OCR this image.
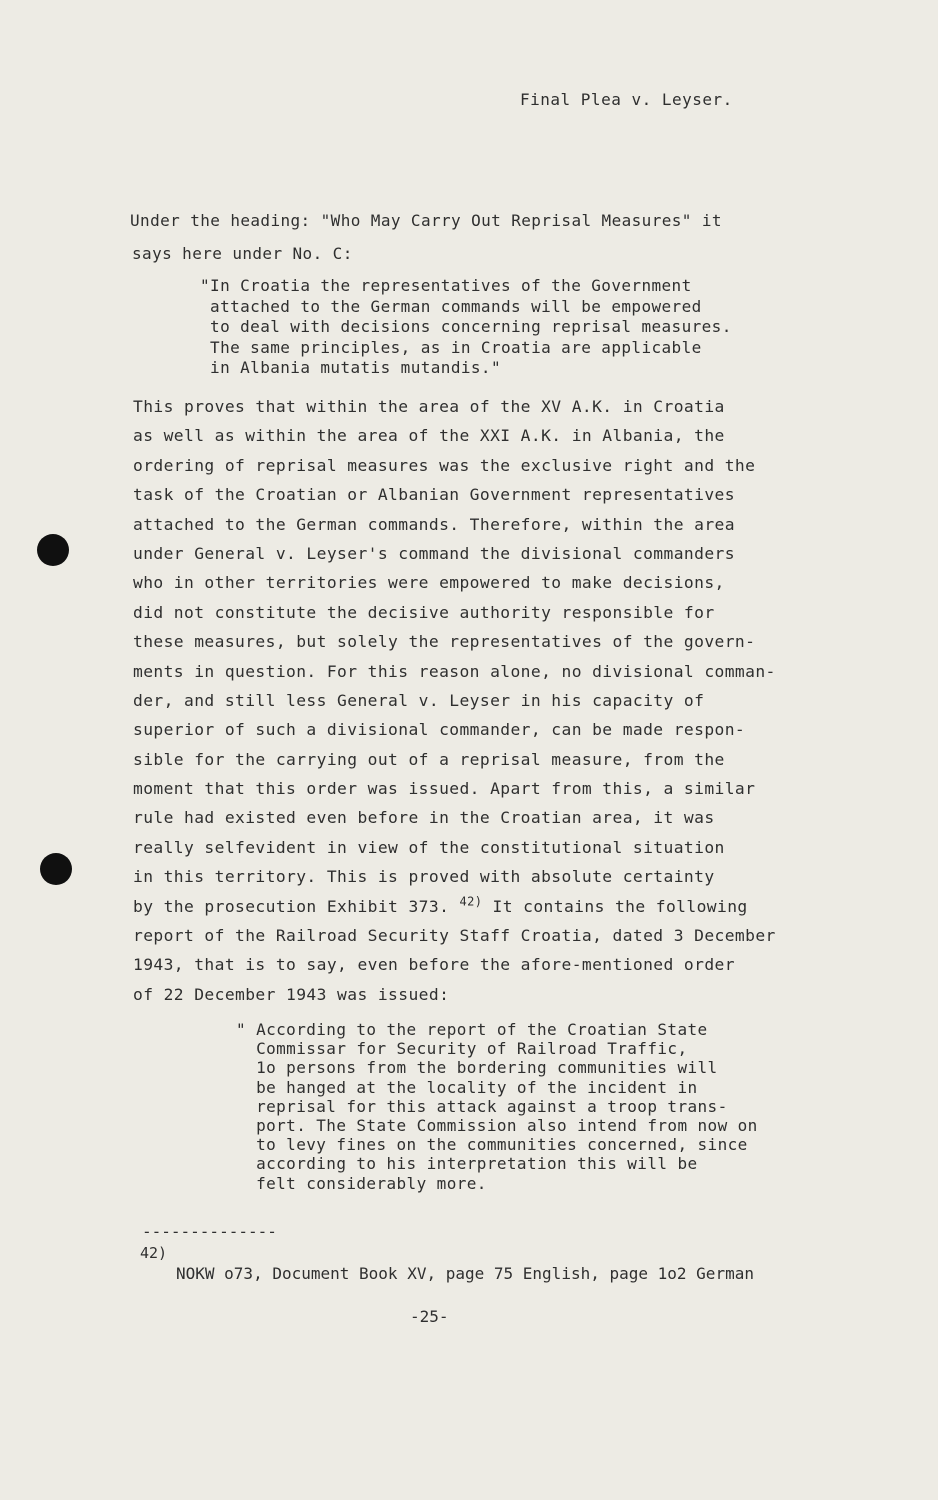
Final Plea v. Leyser.
Under the heading: "Who May Carry Out Reprisal Measures" it
says here under No. C:
"In Croatia the representatives of the Government
attached to the German commands will be empowered
to deal with decisions concerning reprisal measures.
The same principles, as in Croatia are applicable
in Albania mutatis mutandis."
This proves that within the area of the XV A.K. in Croatia
as well as within the area of the XXI A.K. in Albania, the
ordering of reprisal measures was the exclusive right and the
task of the Croatian or Albanian Government representatives
attached to the German commands. Therefore, within the area
under General v. Leyser's command the divisional commanders
who in other territories were empowered to make decisions,
did not constitute the decisive authority responsible for
these measures, but solely the representatives of the govern-
ments in question. For this reason alone, no divisional comman-
der, and still less General v. Leyser in his capacity of
superior of such a divisional commander, can be made respon-
sible for the carrying out of a reprisal measure, from the
moment that this order was issued. Apart from this, a similar
rule had existed even before in the Croatian area, it was
really selfevident in view of the constitutional situation
in this territory. This is proved with absolute certainty
by the prosecution Exhibit 373. $^{42)}$ It contains the following
report of the Railroad Security Staff Croatia, dated 3 December
1943, that is to say, even before the afore-mentioned order
of 22 December 1943 was issued:
" According to the report of the Croatian State
Commissar for Security of Railroad Traffic,
1o persons from the bordering communities will
be hanged at the locality of the incident in
reprisal for this attack against a troop trans-
port. The State Commission also intend from now on
to levy fines on the communities concerned, since
according to his interpretation this will be
felt considerably more.
--------------
42)
NOKW o73, Document Book XV, page 75 English, page 1o2 German
-25-
